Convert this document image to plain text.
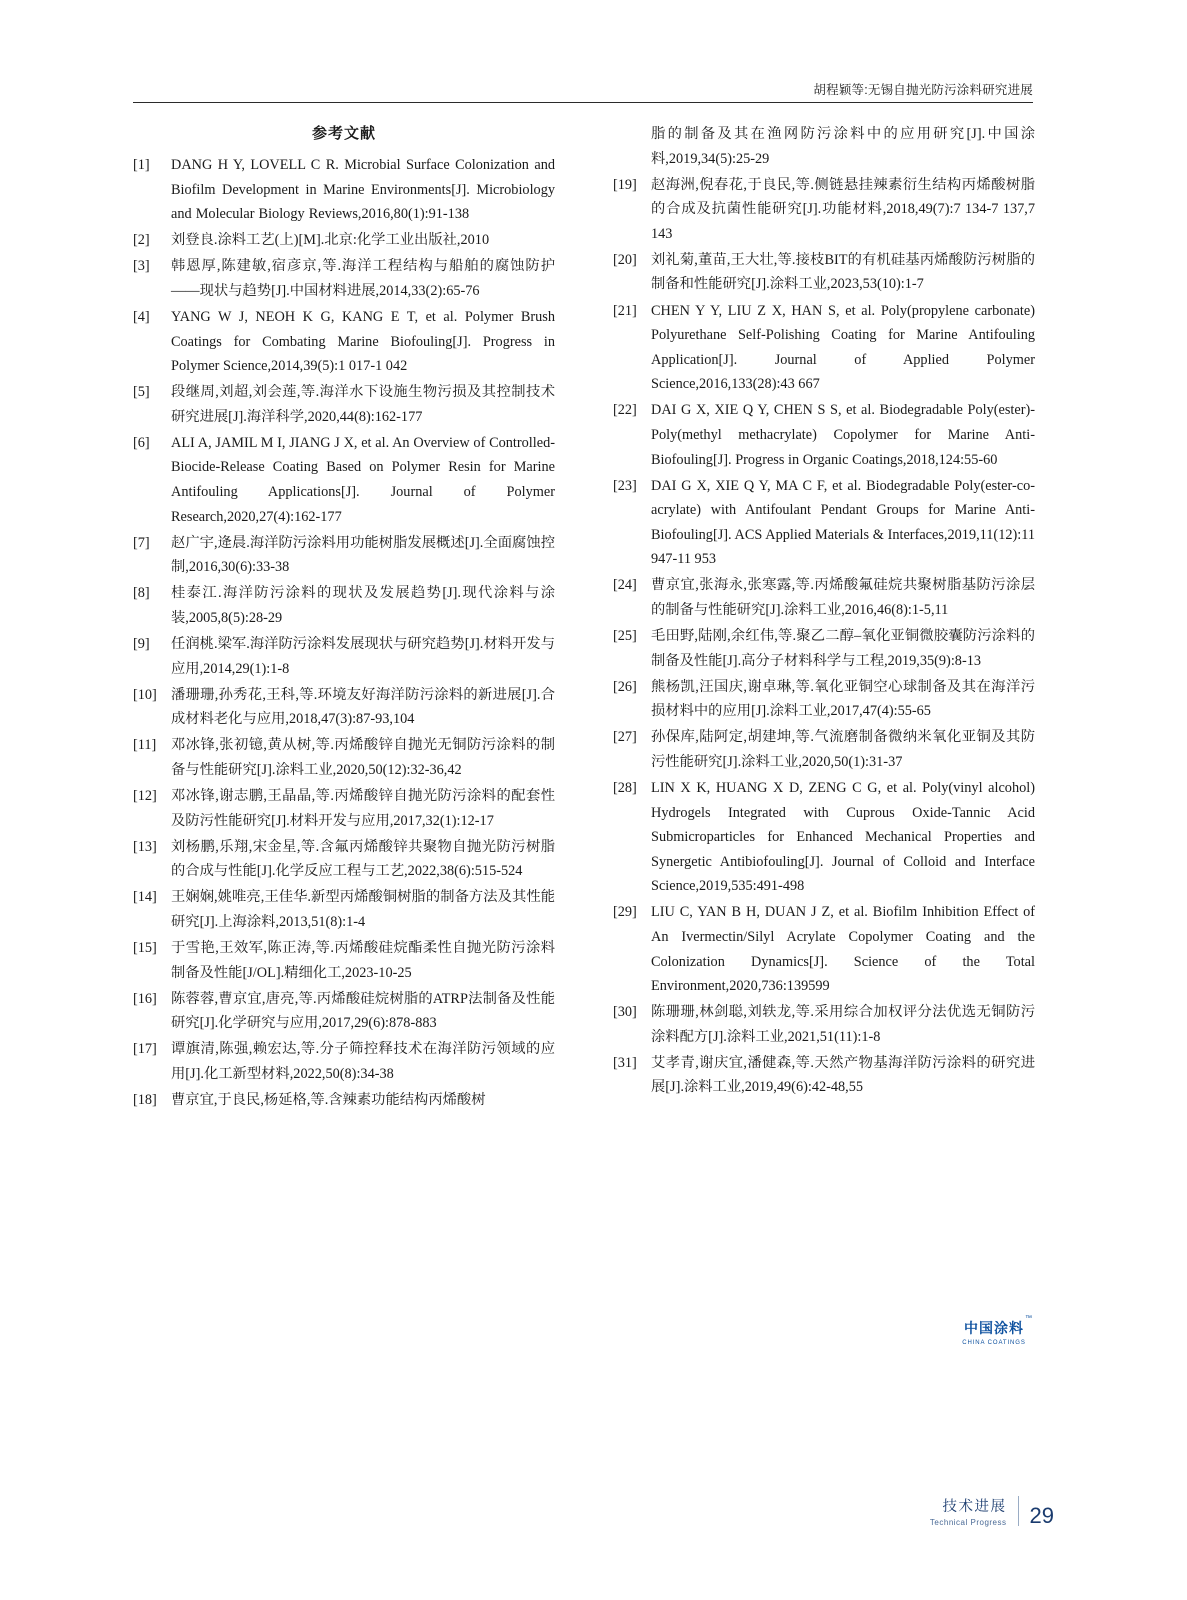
胡程颖等:无锡自抛光防污涂料研究进展
参考文献
[1]	DANG H Y, LOVELL C R. Microbial Surface Colonization and Biofilm Development in Marine Environments[J]. Microbiology and Molecular Biology Reviews,2016,80(1):91-138
[2]	刘登良.涂料工艺(上)[M].北京:化学工业出版社,2010
[3]	韩恩厚,陈建敏,宿彦京,等.海洋工程结构与船舶的腐蚀防护——现状与趋势[J].中国材料进展,2014,33(2):65-76
[4]	YANG W J, NEOH K G, KANG E T, et al. Polymer Brush Coatings for Combating Marine Biofouling[J]. Progress in Polymer Science,2014,39(5):1 017-1 042
[5]	段继周,刘超,刘会莲,等.海洋水下设施生物污损及其控制技术研究进展[J].海洋科学,2020,44(8):162-177
[6]	ALI A, JAMIL M I, JIANG J X, et al. An Overview of Controlled-Biocide-Release Coating Based on Polymer Resin for Marine Antifouling Applications[J]. Journal of Polymer Research,2020,27(4):162-177
[7]	赵广宇,逄晨.海洋防污涂料用功能树脂发展概述[J].全面腐蚀控制,2016,30(6):33-38
[8]	桂泰江.海洋防污涂料的现状及发展趋势[J].现代涂料与涂装,2005,8(5):28-29
[9]	任润桃.梁军.海洋防污涂料发展现状与研究趋势[J].材料开发与应用,2014,29(1):1-8
[10] 潘珊珊,孙秀花,王科,等.环境友好海洋防污涂料的新进展[J].合成材料老化与应用,2018,47(3):87-93,104
[11]	邓冰锋,张初镱,黄从树,等.丙烯酸锌自抛光无铜防污涂料的制备与性能研究[J].涂料工业,2020,50(12):32-36,42
[12] 邓冰锋,谢志鹏,王晶晶,等.丙烯酸锌自抛光防污涂料的配套性及防污性能研究[J].材料开发与应用,2017,32(1):12-17
[13] 刘杨鹏,乐翔,宋金星,等.含氟丙烯酸锌共聚物自抛光防污树脂的合成与性能[J].化学反应工程与工艺,2022,38(6):515-524
[14] 王娴娴,姚唯亮,王佳华.新型丙烯酸铜树脂的制备方法及其性能研究[J].上海涂料,2013,51(8):1-4
[15] 于雪艳,王效军,陈正涛,等.丙烯酸硅烷酯柔性自抛光防污涂料制备及性能[J/OL].精细化工,2023-10-25
[16] 陈蓉蓉,曹京宜,唐亮,等.丙烯酸硅烷树脂的ATRP法制备及性能研究[J].化学研究与应用,2017,29(6):878-883
[17] 谭旗清,陈强,赖宏达,等.分子筛控释技术在海洋防污领域的应用[J].化工新型材料,2022,50(8):34-38
[18] 曹京宜,于良民,杨延格,等.含辣素功能结构丙烯酸树
脂的制备及其在渔网防污涂料中的应用研究[J].中国涂料,2019,34(5):25-29
[19] 赵海洲,倪春花,于良民,等.侧链悬挂辣素衍生结构丙烯酸树脂的合成及抗菌性能研究[J].功能材料,2018,49(7):7 134-7 137,7 143
[20] 刘礼菊,董苗,王大壮,等.接枝BIT的有机硅基丙烯酸防污树脂的制备和性能研究[J].涂料工业,2023,53(10):1-7
[21] CHEN Y Y, LIU Z X, HAN S, et al. Poly(propylene carbonate) Polyurethane Self-Polishing Coating for Marine Antifouling Application[J]. Journal of Applied Polymer Science,2016,133(28):43 667
[22] DAI G X, XIE Q Y, CHEN S S, et al. Biodegradable Poly(ester)-Poly(methyl methacrylate) Copolymer for Marine Anti-Biofouling[J]. Progress in Organic Coatings,2018,124:55-60
[23] DAI G X, XIE Q Y, MA C F, et al. Biodegradable Poly(ester-co-acrylate) with Antifoulant Pendant Groups for Marine Anti-Biofouling[J]. ACS Applied Materials & Interfaces,2019,11(12):11 947-11 953
[24] 曹京宜,张海永,张寒露,等.丙烯酸氟硅烷共聚树脂基防污涂层的制备与性能研究[J].涂料工业,2016,46(8):1-5,11
[25] 毛田野,陆刚,余红伟,等.聚乙二醇–氧化亚铜微胶囊防污涂料的制备及性能[J].高分子材料科学与工程,2019,35(9):8-13
[26] 熊杨凯,汪国庆,谢卓琳,等.氧化亚铜空心球制备及其在海洋污损材料中的应用[J].涂料工业,2017,47(4):55-65
[27] 孙保库,陆阿定,胡建坤,等.气流磨制备微纳米氧化亚铜及其防污性能研究[J].涂料工业,2020,50(1):31-37
[28] LIN X K, HUANG X D, ZENG C G, et al. Poly(vinyl alcohol) Hydrogels Integrated with Cuprous Oxide-Tannic Acid Submicroparticles for Enhanced Mechanical Properties and Synergetic Antibiofouling[J]. Journal of Colloid and Interface Science,2019,535:491-498
[29] LIU C, YAN B H, DUAN J Z, et al. Biofilm Inhibition Effect of An Ivermectin/Silyl Acrylate Copolymer Coating and the Colonization Dynamics[J]. Science of the Total Environment,2020,736:139599
[30] 陈珊珊,林剑聪,刘轶龙,等.采用综合加权评分法优选无铜防污涂料配方[J].涂料工业,2021,51(11):1-8
[31] 艾孝青,谢庆宜,潘健森,等.天然产物基海洋防污涂料的研究进展[J].涂料工业,2019,49(6):42-48,55
中国涂料
™
CHINA COATINGS
技术进展
Technical Progress 29
